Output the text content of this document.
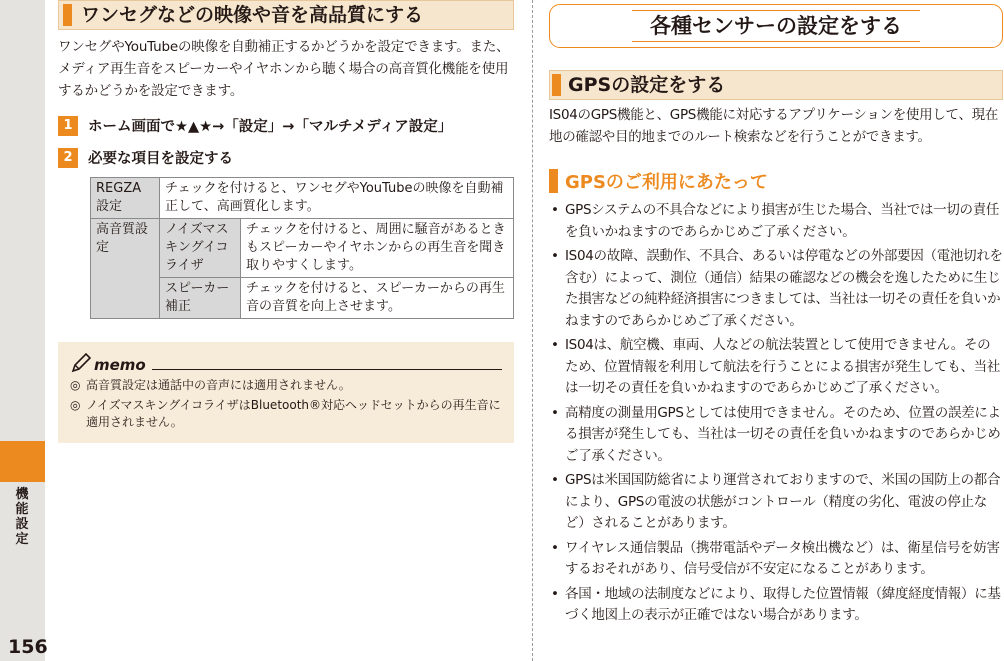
機能設定
156
ワンセグなどの映像や音を高品質にする
ワンセグやYouTubeの映像を自動補正するかどうかを設定できます。また、メディア再生音をスピーカーやイヤホンから聴く場合の高音質化機能を使用するかどうかを設定できます。
1	ホーム画面で★▲★→「設定」→「マルチメディア設定」
2	必要な項目を設定する
REGZA設定	チェックを付けると、ワンセグやYouTubeの映像を自動補正して、高画質化します。	
高音質設定	ノイズマスキングイコライザ	チェックを付けると、周囲に騒音があるときもスピーカーやイヤホンからの再生音を聞き取りやすくします。
	スピーカー補正	チェックを付けると、スピーカーからの再生音の音質を向上させます。
memo
◎ 高音質設定は通話中の音声には適用されません。
◎ ノイズマスキングイコライザはBluetooth®対応ヘッドセットからの再生音に適用されません。
各種センサーの設定をする
GPSの設定をする
IS04のGPS機能と、GPS機能に対応するアプリケーションを使用して、現在地の確認や目的地までのルート検索などを行うことができます。
GPSのご利用にあたって
• GPSシステムの不具合などにより損害が生じた場合、当社では一切の責任を負いかねますのであらかじめご了承ください。
• IS04の故障、誤動作、不具合、あるいは停電などの外部要因（電池切れを含む）によって、測位（通信）結果の確認などの機会を逸したために生じた損害などの純粋経済損害につきましては、当社は一切その責任を負いかねますのであらかじめご了承ください。
• IS04は、航空機、車両、人などの航法装置として使用できません。そのため、位置情報を利用して航法を行うことによる損害が発生しても、当社は一切その責任を負いかねますのであらかじめご了承ください。
• 高精度の測量用GPSとしては使用できません。そのため、位置の誤差による損害が発生しても、当社は一切その責任を負いかねますのであらかじめご了承ください。
• GPSは米国国防総省により運営されておりますので、米国の国防上の都合により、GPSの電波の状態がコントロール（精度の劣化、電波の停止など）されることがあります。
• ワイヤレス通信製品（携帯電話やデータ検出機など）は、衛星信号を妨害するおそれがあり、信号受信が不安定になることがあります。
• 各国・地域の法制度などにより、取得した位置情報（緯度経度情報）に基づく地図上の表示が正確ではない場合があります。
